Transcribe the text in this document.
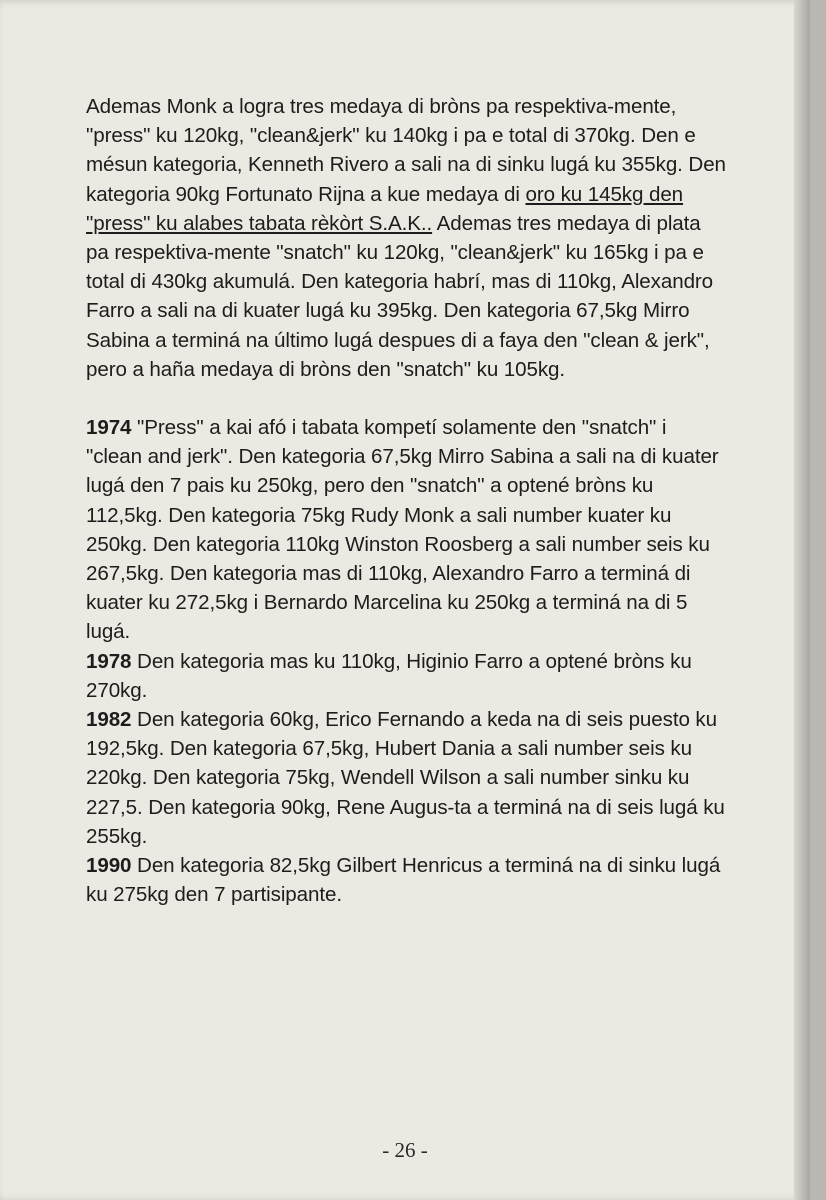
Ademas Monk a logra tres medaya di bròns pa respektiva-mente, "press" ku 120kg, "clean&jerk" ku 140kg i pa e total di 370kg. Den e mésun kategoria, Kenneth Rivero a sali na di sinku lugá ku 355kg. Den kategoria 90kg Fortunato Rijna a kue medaya di oro ku 145kg den "press" ku alabes tabata rèkòrt S.A.K.. Ademas tres medaya di plata pa respektiva-mente "snatch" ku 120kg, "clean&jerk" ku 165kg i pa e total di 430kg akumulá. Den kategoria habrí, mas di 110kg, Alexandro Farro a sali na di kuater lugá ku 395kg. Den kategoria 67,5kg Mirro Sabina a terminá na último lugá despues di a faya den "clean & jerk", pero a haña medaya di bròns den "snatch" ku 105kg.

1974 "Press" a kai afó i tabata kompetí solamente den "snatch" i "clean and jerk". Den kategoria 67,5kg Mirro Sabina a sali na di kuater lugá den 7 pais ku 250kg, pero den "snatch" a optené bròns ku 112,5kg. Den kategoria 75kg Rudy Monk a sali number kuater ku 250kg. Den kategoria 110kg Winston Roosberg a sali number seis ku 267,5kg. Den kategoria mas di 110kg, Alexandro Farro a terminá di kuater ku 272,5kg i Bernardo Marcelina ku 250kg a terminá na di 5 lugá.

1978 Den kategoria mas ku 110kg, Higinio Farro a optené bròns ku 270kg.

1982 Den kategoria 60kg, Erico Fernando a keda na di seis puesto ku 192,5kg. Den kategoria 67,5kg, Hubert Dania a sali number seis ku 220kg. Den kategoria 75kg, Wendell Wilson a sali number sinku ku 227,5. Den kategoria 90kg, Rene Augus-ta a terminá na di seis lugá ku 255kg.

1990 Den kategoria 82,5kg Gilbert Henricus a terminá na di sinku lugá ku 275kg den 7 partisipante.

- 26 -
